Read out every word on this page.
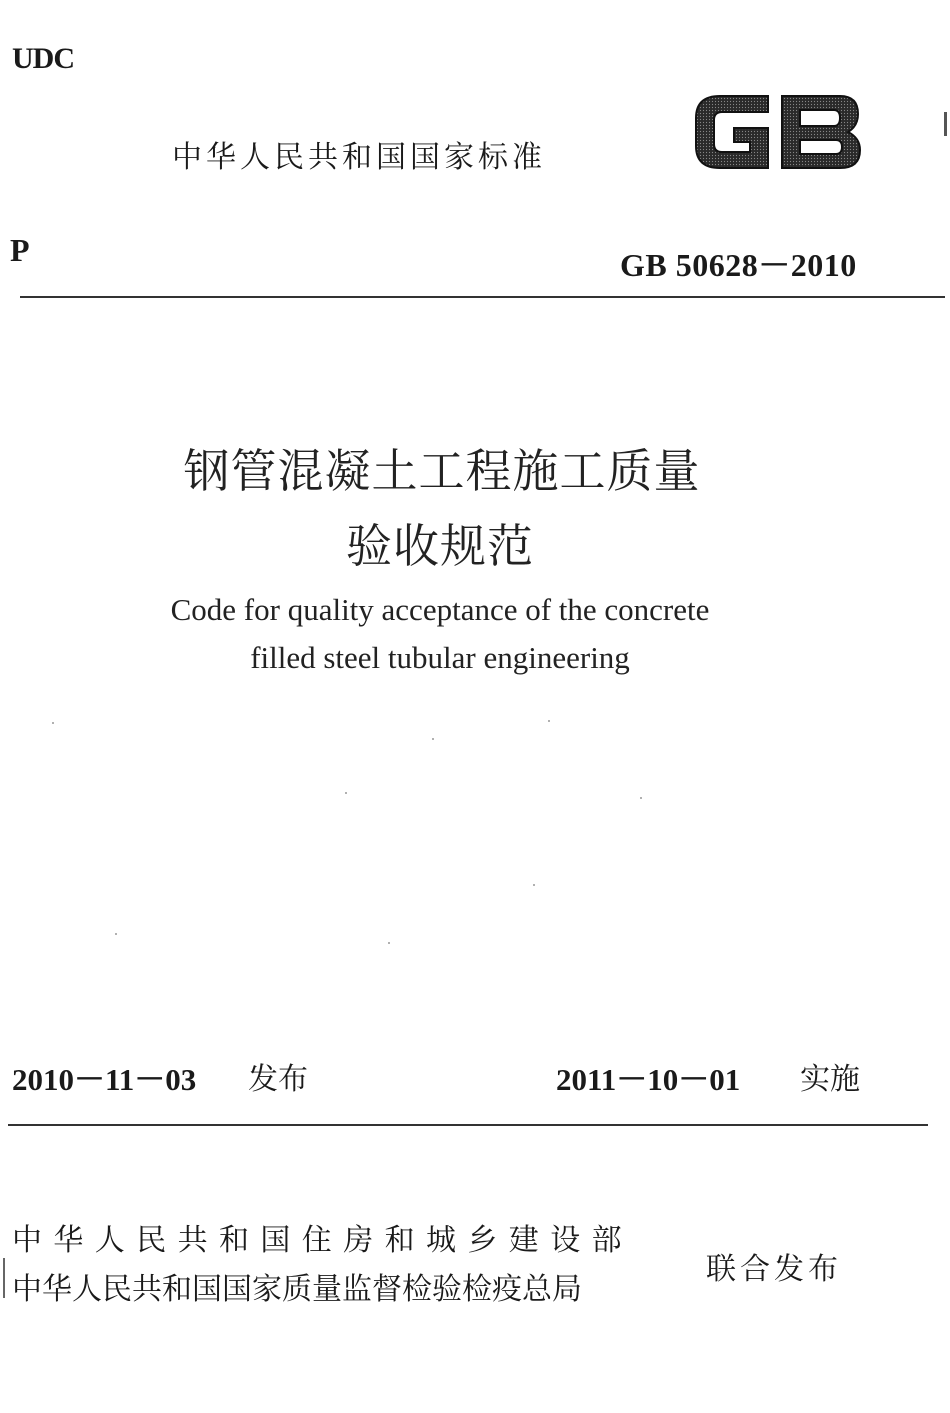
UDC
中华人民共和国国家标准
P	GB 50628－2010
钢管混凝土工程施工质量
验收规范
Code for quality acceptance of the concrete
filled steel tubular engineering
2010－11－03 发布	2011－10－01 实施
中华人民共和国住房和城乡建设部
中华人民共和国国家质量监督检验检疫总局
联合发布
